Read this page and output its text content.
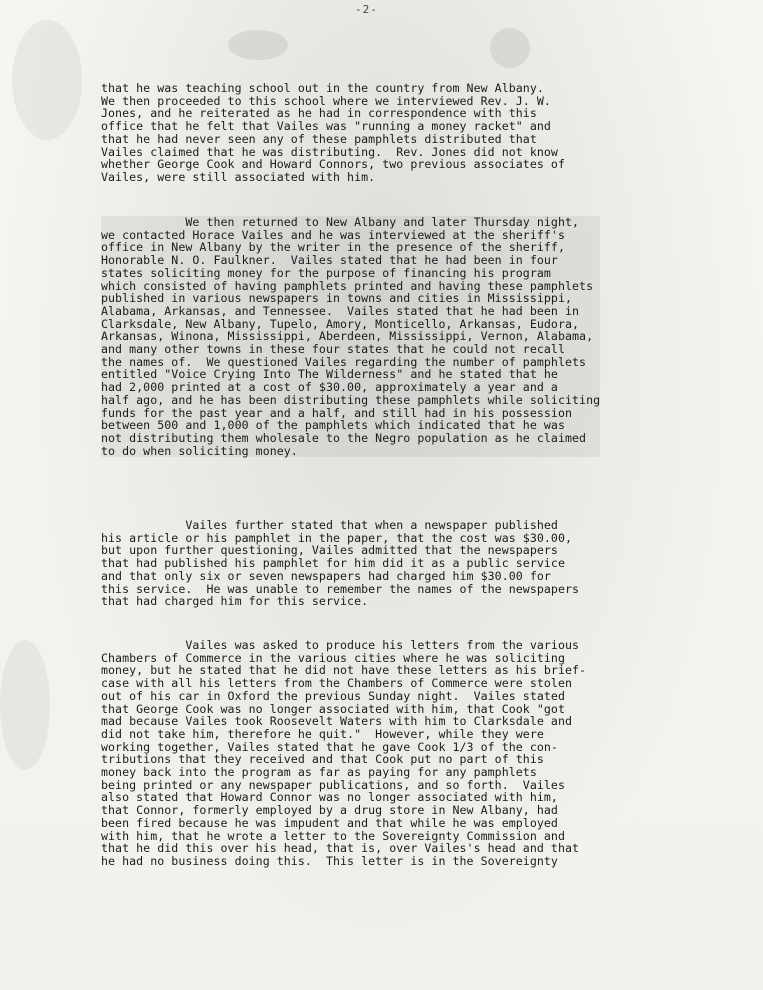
-2-

that he was teaching school out in the country from New Albany.
We then proceeded to this school where we interviewed Rev. J. W.
Jones, and he reiterated as he had in correspondence with this
office that he felt that Vailes was "running a money racket" and
that he had never seen any of these pamphlets distributed that
Vailes claimed that he was distributing.  Rev. Jones did not know
whether George Cook and Howard Connors, two previous associates of
Vailes, were still associated with him.

We then returned to New Albany and later Thursday night,
we contacted Horace Vailes and he was interviewed at the sheriff's
office in New Albany by the writer in the presence of the sheriff,
Honorable N. O. Faulkner.  Vailes stated that he had been in four
states soliciting money for the purpose of financing his program
which consisted of having pamphlets printed and having these pamphlets
published in various newspapers in towns and cities in Mississippi,
Alabama, Arkansas, and Tennessee.  Vailes stated that he had been in
Clarksdale, New Albany, Tupelo, Amory, Monticello, Arkansas, Eudora,
Arkansas, Winona, Mississippi, Aberdeen, Mississippi, Vernon, Alabama,
and many other towns in these four states that he could not recall
the names of.  We questioned Vailes regarding the number of pamphlets
entitled "Voice Crying Into The Wilderness" and he stated that he
had 2,000 printed at a cost of $30.00, approximately a year and a
half ago, and he has been distributing these pamphlets while soliciting
funds for the past year and a half, and still had in his possession
between 500 and 1,000 of the pamphlets which indicated that he was
not distributing them wholesale to the Negro population as he claimed
to do when soliciting money.

Vailes further stated that when a newspaper published
his article or his pamphlet in the paper, that the cost was $30.00,
but upon further questioning, Vailes admitted that the newspapers
that had published his pamphlet for him did it as a public service
and that only six or seven newspapers had charged him $30.00 for
this service.  He was unable to remember the names of the newspapers
that had charged him for this service.

Vailes was asked to produce his letters from the various
Chambers of Commerce in the various cities where he was soliciting
money, but he stated that he did not have these letters as his brief-
case with all his letters from the Chambers of Commerce were stolen
out of his car in Oxford the previous Sunday night.  Vailes stated
that George Cook was no longer associated with him, that Cook "got
mad because Vailes took Roosevelt Waters with him to Clarksdale and
did not take him, therefore he quit."  However, while they were
working together, Vailes stated that he gave Cook 1/3 of the con-
tributions that they received and that Cook put no part of this
money back into the program as far as paying for any pamphlets
being printed or any newspaper publications, and so forth.  Vailes
also stated that Howard Connor was no longer associated with him,
that Connor, formerly employed by a drug store in New Albany, had
been fired because he was impudent and that while he was employed
with him, that he wrote a letter to the Sovereignty Commission and
that he did this over his head, that is, over Vailes's head and that
he had no business doing this.  This letter is in the Sovereignty
